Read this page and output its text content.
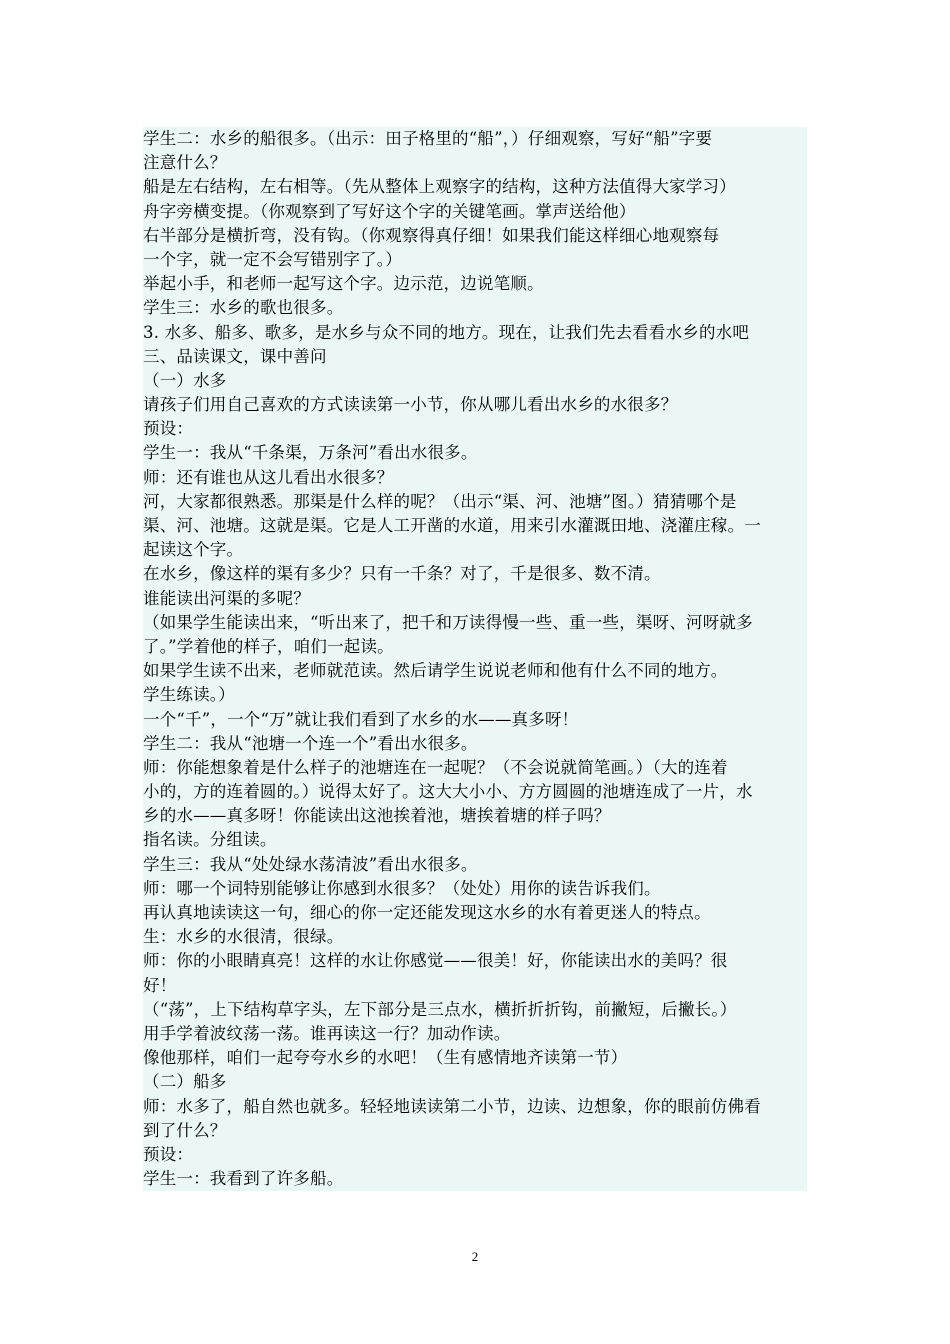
学生二：水乡的船很多。（出示：田子格里的“船”，）仔细观察，写好“船”字要
注意什么？
船是左右结构，左右相等。（先从整体上观察字的结构，这种方法值得大家学习）
舟字旁横变提。（你观察到了写好这个字的关键笔画。掌声送给他）
右半部分是横折弯，没有钩。（你观察得真仔细！如果我们能这样细心地观察每
一个字，就一定不会写错别字了。）
举起小手，和老师一起写这个字。边示范，边说笔顺。
学生三：水乡的歌也很多。
3. 水多、船多、歌多，是水乡与众不同的地方。现在，让我们先去看看水乡的水吧
三、品读课文，课中善问
（一）水多
请孩子们用自己喜欢的方式读读第一小节，你从哪儿看出水乡的水很多？
预设：
学生一：我从“千条渠，万条河”看出水很多。
师：还有谁也从这儿看出水很多？
河，大家都很熟悉。那渠是什么样的呢？（出示“渠、河、池塘”图。）猜猜哪个是
渠、河、池塘。这就是渠。它是人工开凿的水道，用来引水灌溉田地、浇灌庄稼。一
起读这个字。
在水乡，像这样的渠有多少？只有一千条？对了，千是很多、数不清。
谁能读出河渠的多呢？
（如果学生能读出来，“听出来了，把千和万读得慢一些、重一些，渠呀、河呀就多
了。”学着他的样子，咱们一起读。
如果学生读不出来，老师就范读。然后请学生说说老师和他有什么不同的地方。
学生练读。）
一个“千”，一个“万”就让我们看到了水乡的水——真多呀！
学生二：我从“池塘一个连一个”看出水很多。
师：你能想象着是什么样子的池塘连在一起呢？（不会说就简笔画。）（大的连着
小的，方的连着圆的。）说得太好了。这大大小小、方方圆圆的池塘连成了一片，水
乡的水——真多呀！你能读出这池挨着池，塘挨着塘的样子吗？
指名读。分组读。
学生三：我从“处处绿水荡清波”看出水很多。
师：哪一个词特别能够让你感到水很多？（处处）用你的读告诉我们。
再认真地读读这一句，细心的你一定还能发现这水乡的水有着更迷人的特点。
生：水乡的水很清，很绿。
师：你的小眼睛真亮！这样的水让你感觉——很美！好，你能读出水的美吗？很
好！
（“荡”，上下结构草字头，左下部分是三点水，横折折折钩，前撇短，后撇长。）
用手学着波纹荡一荡。谁再读这一行？加动作读。
像他那样，咱们一起夸夸水乡的水吧！（生有感情地齐读第一节）
（二）船多
师：水多了，船自然也就多。轻轻地读读第二小节，边读、边想象，你的眼前仿佛看
到了什么？
预设：
学生一：我看到了许多船。
2
